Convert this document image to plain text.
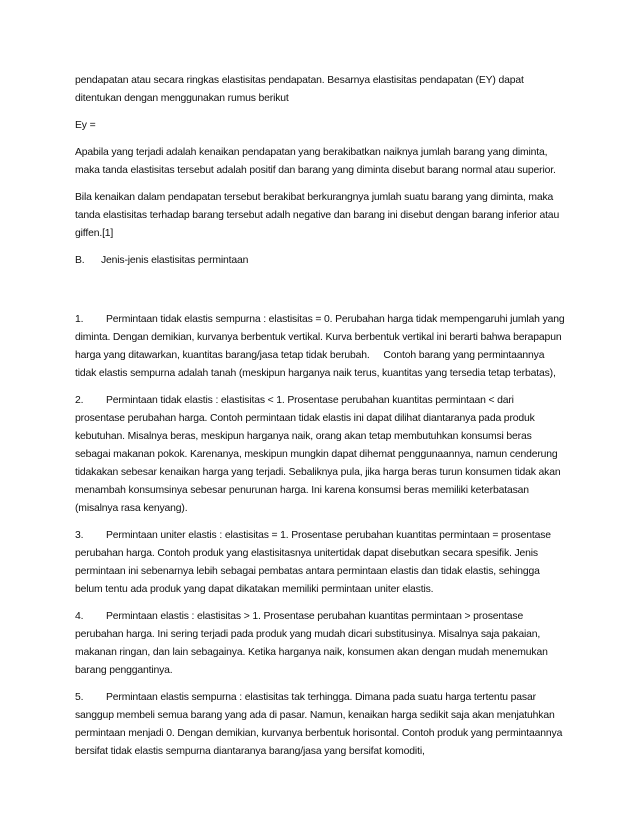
pendapatan atau secara ringkas elastisitas pendapatan. Besarnya elastisitas pendapatan (EY) dapat ditentukan dengan menggunakan rumus berikut

Ey =

Apabila yang terjadi adalah kenaikan pendapatan yang berakibatkan naiknya jumlah barang yang diminta, maka tanda elastisitas tersebut adalah positif dan barang yang diminta disebut barang normal atau superior.

Bila kenaikan dalam pendapatan tersebut berakibat berkurangnya jumlah suatu barang yang diminta, maka tanda elastisitas terhadap barang tersebut adalh negative dan barang ini disebut dengan barang inferior atau giffen.[1]

B.      Jenis-jenis elastisitas permintaan

1. Permintaan tidak elastis sempurna : elastisitas = 0. Perubahan harga tidak mempengaruhi jumlah yang diminta. Dengan demikian, kurvanya berbentuk vertikal. Kurva berbentuk vertikal ini berarti bahwa berapapun harga yang ditawarkan, kuantitas barang/jasa tetap tidak berubah.     Contoh barang yang permintaannya tidak elastis sempurna adalah tanah (meskipun harganya naik terus, kuantitas yang tersedia tetap terbatas),

2. Permintaan tidak elastis : elastisitas < 1. Prosentase perubahan kuantitas permintaan < dari prosentase perubahan harga. Contoh permintaan tidak elastis ini dapat dilihat diantaranya pada produk kebutuhan. Misalnya beras, meskipun harganya naik, orang akan tetap membutuhkan konsumsi beras sebagai makanan pokok. Karenanya, meskipun mungkin dapat dihemat penggunaannya, namun cenderung tidakakan sebesar kenaikan harga yang terjadi. Sebaliknya pula, jika harga beras turun konsumen tidak akan menambah konsumsinya sebesar penurunan harga. Ini karena konsumsi beras memiliki keterbatasan (misalnya rasa kenyang).

3. Permintaan uniter elastis : elastisitas = 1. Prosentase perubahan kuantitas permintaan = prosentase perubahan harga. Contoh produk yang elastisitasnya unitertidak dapat disebutkan secara spesifik. Jenis permintaan ini sebenarnya lebih sebagai pembatas antara permintaan elastis dan tidak elastis, sehingga belum tentu ada produk yang dapat dikatakan memiliki permintaan uniter elastis.

4. Permintaan elastis : elastisitas > 1. Prosentase perubahan kuantitas permintaan > prosentase perubahan harga. Ini sering terjadi pada produk yang mudah dicari substitusinya. Misalnya saja pakaian, makanan ringan, dan lain sebagainya. Ketika harganya naik, konsumen akan dengan mudah menemukan barang penggantinya.

5. Permintaan elastis sempurna : elastisitas tak terhingga. Dimana pada suatu harga tertentu pasar sanggup membeli semua barang yang ada di pasar. Namun, kenaikan harga sedikit saja akan menjatuhkan permintaan menjadi 0. Dengan demikian, kurvanya berbentuk horisontal. Contoh produk yang permintaannya bersifat tidak elastis sempurna diantaranya barang/jasa yang bersifat komoditi,
